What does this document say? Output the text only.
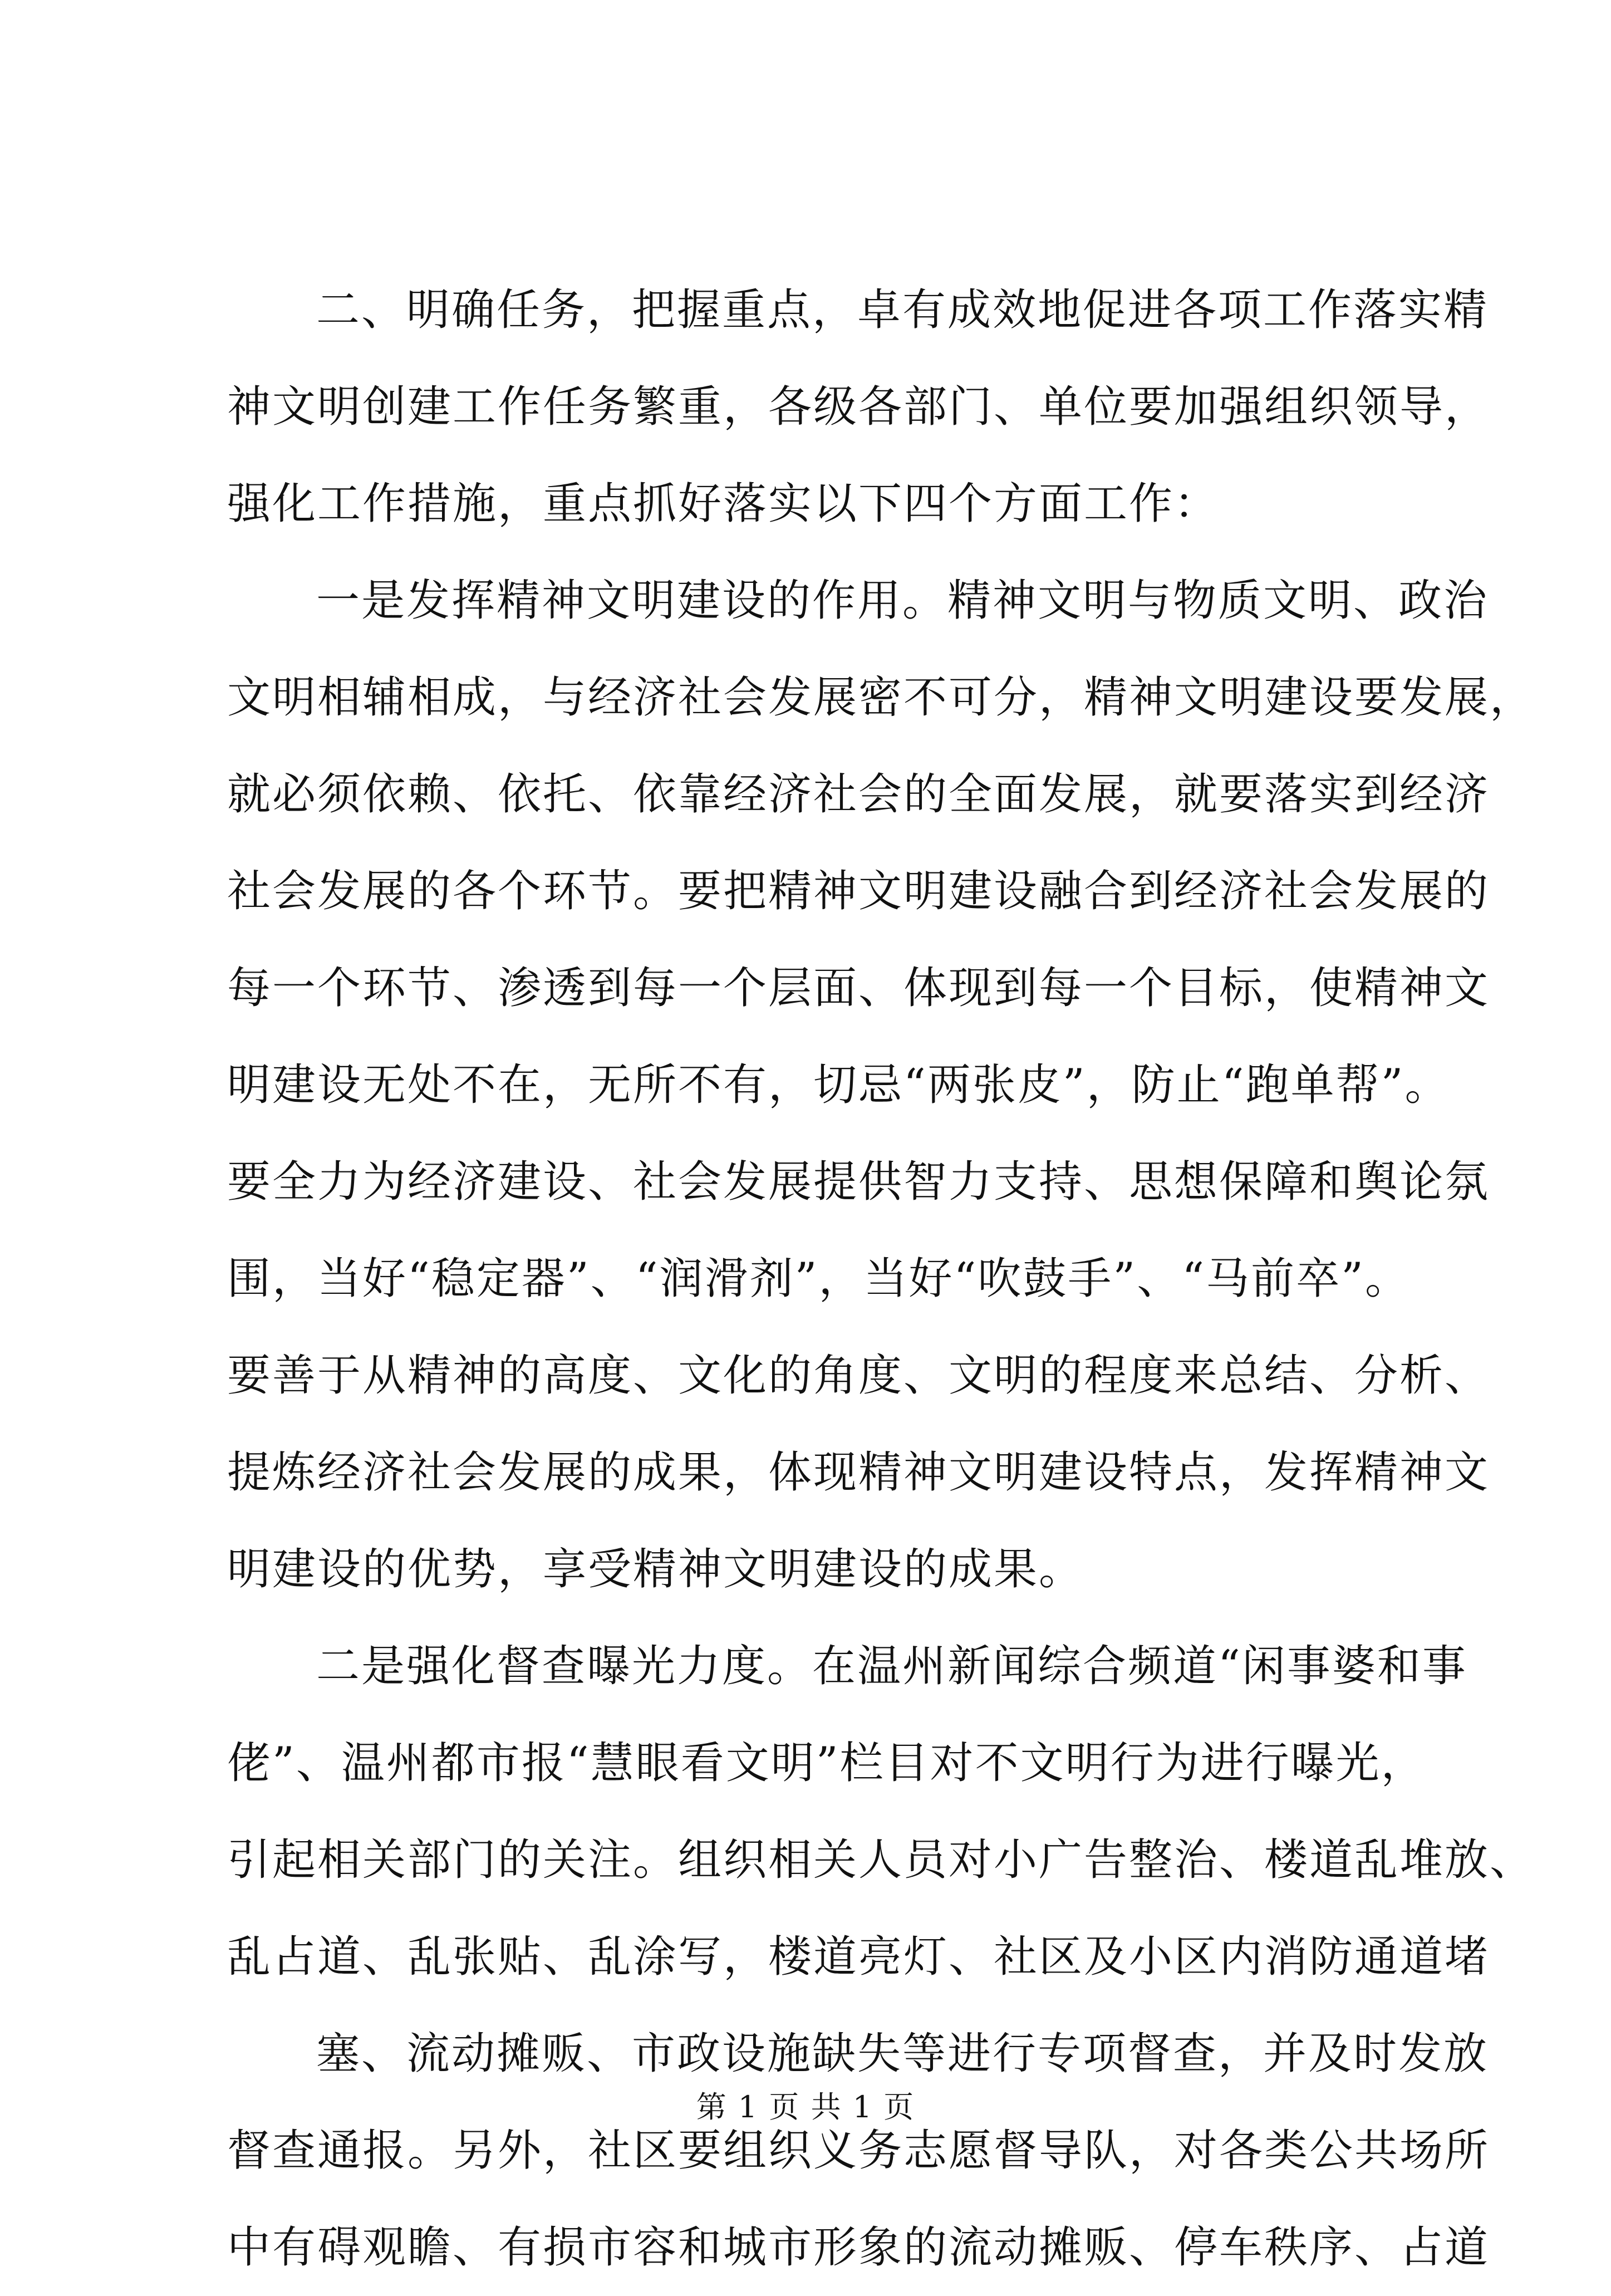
二、明确任务，把握重点，卓有成效地促进各项工作落实精
神文明创建工作任务繁重，各级各部门、单位要加强组织领导，
强化工作措施，重点抓好落实以下四个方面工作：
一是发挥精神文明建设的作用。精神文明与物质文明、政治
文明相辅相成，与经济社会发展密不可分，精神文明建设要发展，
就必须依赖、依托、依靠经济社会的全面发展，就要落实到经济
社会发展的各个环节。要把精神文明建设融合到经济社会发展的
每一个环节、渗透到每一个层面、体现到每一个目标，使精神文
明建设无处不在，无所不有，切忌“两张皮”，防止“跑单帮”。
要全力为经济建设、社会发展提供智力支持、思想保障和舆论氛
围，当好“稳定器”、“润滑剂”，当好“吹鼓手”、“马前卒”。
要善于从精神的高度、文化的角度、文明的程度来总结、分析、
提炼经济社会发展的成果，体现精神文明建设特点，发挥精神文
明建设的优势，享受精神文明建设的成果。
二是强化督查曝光力度。在温州新闻综合频道“闲事婆和事
佬”、温州都市报“慧眼看文明”栏目对不文明行为进行曝光，
引起相关部门的关注。组织相关人员对小广告整治、楼道乱堆放、
乱占道、乱张贴、乱涂写，楼道亮灯、社区及小区内消防通道堵
塞、流动摊贩、市政设施缺失等进行专项督查，并及时发放
督查通报。另外，社区要组织义务志愿督导队，对各类公共场所
中有碍观瞻、有损市容和城市形象的流动摊贩、停车秩序、占道
第 1 页 共 1 页
